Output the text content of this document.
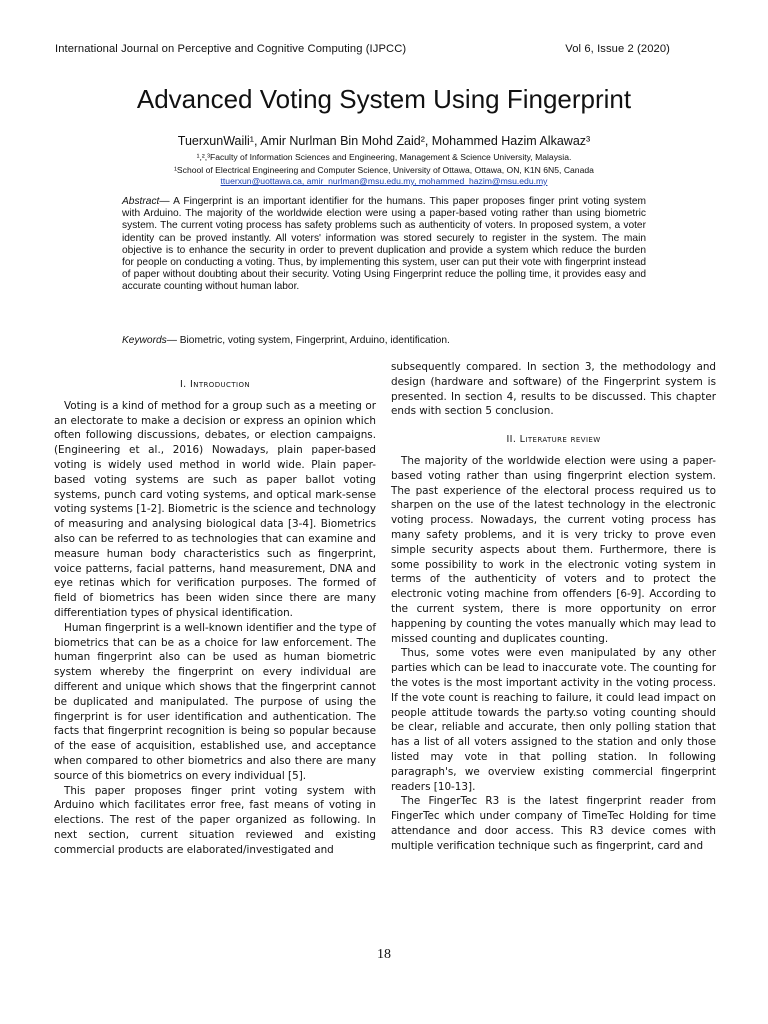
International Journal on Perceptive and Cognitive Computing (IJPCC)	Vol 6, Issue 2 (2020)
Advanced Voting System Using Fingerprint
TuerxunWaili¹, Amir Nurlman Bin Mohd Zaid², Mohammed Hazim Alkawaz³
¹,²,³Faculty of Information Sciences and Engineering, Management & Science University, Malaysia.
¹School of Electrical Engineering and Computer Science, University of Ottawa, Ottawa, ON, K1N 6N5, Canada
ttuerxun@uottawa.ca, amir_nurlman@msu.edu.my, mohammed_hazim@msu.edu.my

Abstract— A Fingerprint is an important identifier for the humans. This paper proposes finger print voting system with Arduino. The majority of the worldwide election were using a paper-based voting rather than using biometric system. The current voting process has safety problems such as authenticity of voters. In proposed system, a voter identity can be proved instantly. All voters' information was stored securely to register in the system. The main objective is to enhance the security in order to prevent duplication and provide a system which reduce the burden for people on conducting a voting. Thus, by implementing this system, user can put their vote with fingerprint instead of paper without doubting about their security. Voting Using Fingerprint reduce the polling time, it provides easy and accurate counting without human labor.

Keywords— Biometric, voting system, Fingerprint, Arduino, identification.

I. Introduction

Voting is a kind of method for a group such as a meeting or an electorate to make a decision or express an opinion which often following discussions, debates, or election campaigns. (Engineering et al., 2016) Nowadays, plain paper-based voting is widely used method in world wide. Plain paper-based voting systems are such as paper ballot voting systems, punch card voting systems, and optical mark-sense voting systems [1-2]. Biometric is the science and technology of measuring and analysing biological data [3-4]. Biometrics also can be referred to as technologies that can examine and measure human body characteristics such as fingerprint, voice patterns, facial patterns, hand measurement, DNA and eye retinas which for verification purposes. The formed of field of biometrics has been widen since there are many differentiation types of physical identification.

Human fingerprint is a well-known identifier and the type of biometrics that can be as a choice for law enforcement. The human fingerprint also can be used as human biometric system whereby the fingerprint on every individual are different and unique which shows that the fingerprint cannot be duplicated and manipulated. The purpose of using the fingerprint is for user identification and authentication. The facts that fingerprint recognition is being so popular because of the ease of acquisition, established use, and acceptance when compared to other biometrics and also there are many source of this biometrics on every individual [5].

This paper proposes finger print voting system with Arduino which facilitates error free, fast means of voting in elections. The rest of the paper organized as following. In next section, current situation reviewed and existing commercial products are elaborated/investigated and

subsequently compared. In section 3, the methodology and design (hardware and software) of the Fingerprint system is presented. In section 4, results to be discussed. This chapter ends with section 5 conclusion.

II. Literature review

The majority of the worldwide election were using a paper-based voting rather than using fingerprint election system. The past experience of the electoral process required us to sharpen on the use of the latest technology in the electronic voting process. Nowadays, the current voting process has many safety problems, and it is very tricky to prove even simple security aspects about them. Furthermore, there is some possibility to work in the electronic voting system in terms of the authenticity of voters and to protect the electronic voting machine from offenders [6-9]. According to the current system, there is more opportunity on error happening by counting the votes manually which may lead to missed counting and duplicates counting.

Thus, some votes were even manipulated by any other parties which can be lead to inaccurate vote. The counting for the votes is the most important activity in the voting process. If the vote count is reaching to failure, it could lead impact on people attitude towards the party.so voting counting should be clear, reliable and accurate, then only polling station that has a list of all voters assigned to the station and only those listed may vote in that polling station. In following paragraph's, we overview existing commercial fingerprint readers [10-13].

The FingerTec R3 is the latest fingerprint reader from FingerTec which under company of TimeTec Holding for time attendance and door access. This R3 device comes with multiple verification technique such as fingerprint, card and

18
